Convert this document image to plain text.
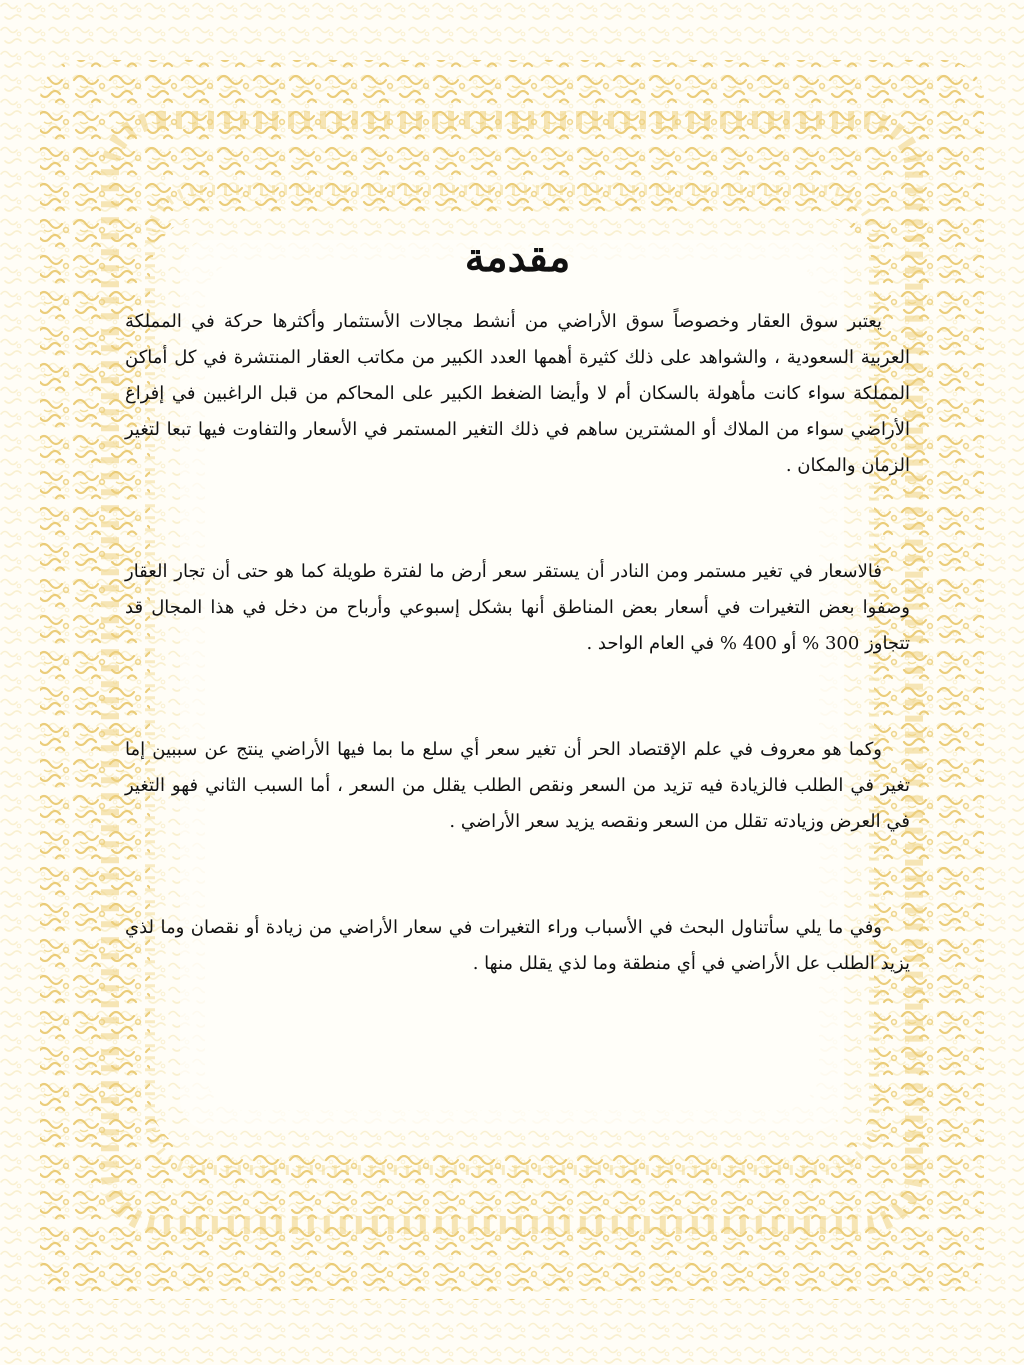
مقدمة

يعتبر سوق العقار وخصوصاً سوق الأراضي من أنشط مجالات الأستثمار وأكثرها حركة في المملكة العربية السعودية ، والشواهد على ذلك كثيرة أهمها العدد الكبير من مكاتب العقار المنتشرة في كل أماكن المملكة سواء كانت مأهولة بالسكان أم لا وأيضا الضغط الكبير على المحاكم من قبل الراغبين في إفراغ الأراضي سواء من الملاك أو المشترين ساهم في ذلك التغير المستمر في الأسعار والتفاوت فيها تبعا لتغير الزمان والمكان .

فالاسعار في تغير مستمر ومن النادر أن يستقر سعر أرض ما لفترة طويلة كما هو حتى أن تجار العقار وصفوا بعض التغيرات في أسعار بعض المناطق أنها بشكل إسبوعي وأرباح من دخل في هذا المجال قد تتجاوز 300 % أو 400 % في العام الواحد .

وكما هو معروف في علم الإقتصاد الحر أن تغير سعر أي سلع ما بما فيها الأراضي ينتج عن سببين إما تغير في الطلب فالزيادة فيه تزيد من السعر ونقص الطلب يقلل من السعر ، أما السبب الثاني فهو التغير في العرض وزيادته تقلل من السعر ونقصه يزيد سعر الأراضي .

وفي ما يلي سأتناول البحث في الأسباب وراء التغيرات في سعار الأراضي من زيادة أو نقصان وما لذي يزيد الطلب عل الأراضي في أي منطقة وما لذي يقلل منها .
